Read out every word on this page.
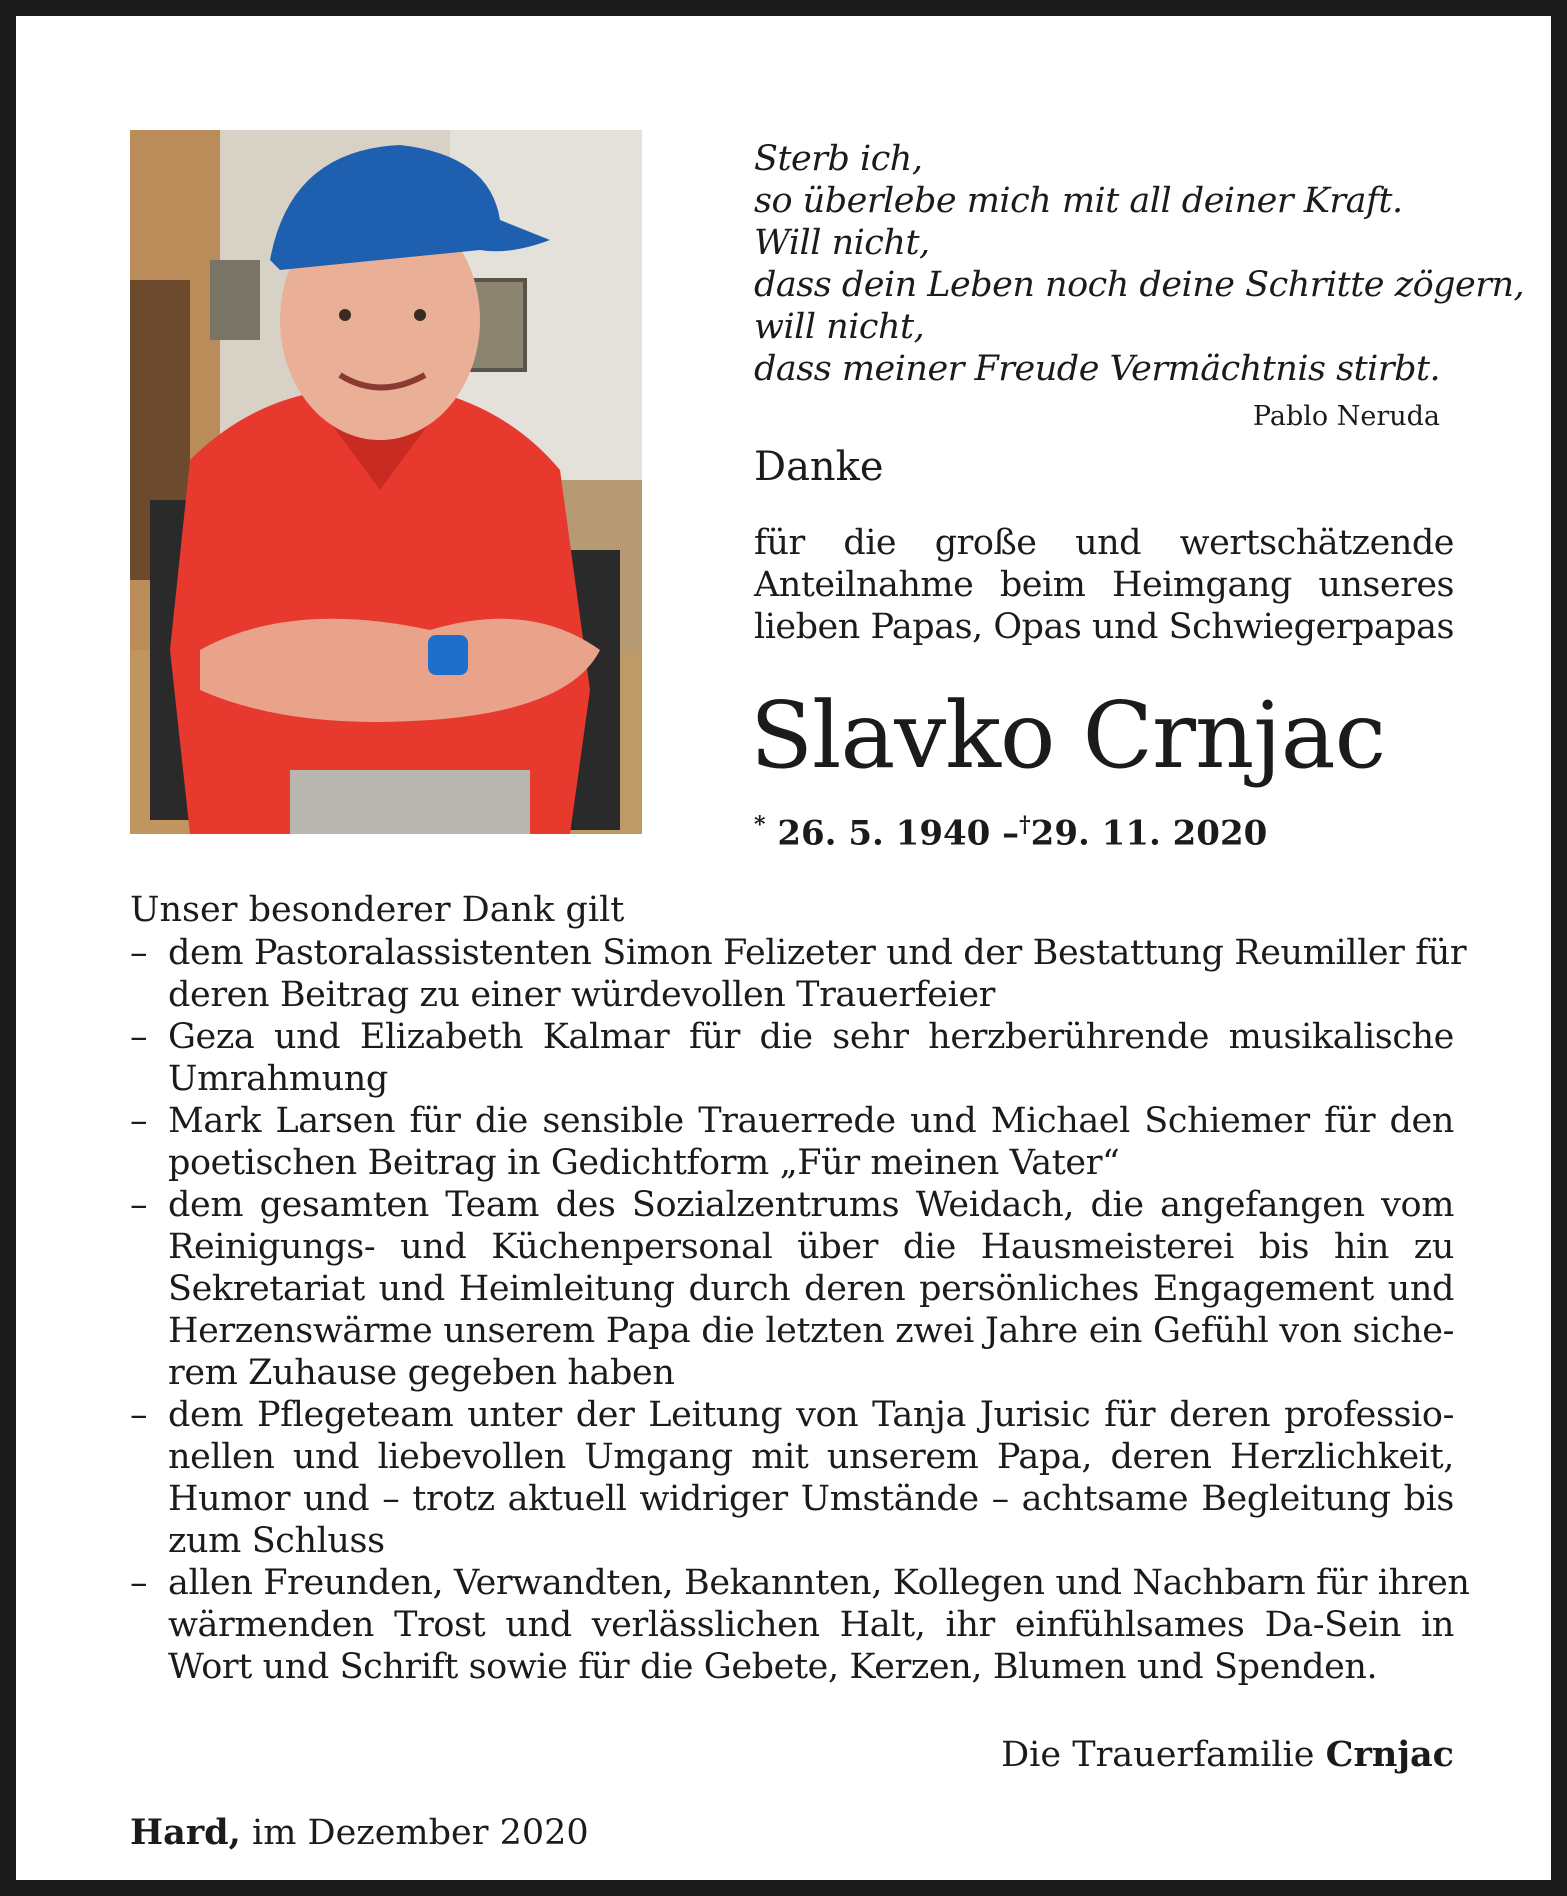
Sterb ich,
so überlebe mich mit all deiner Kraft.
Will nicht,
dass dein Leben noch deine Schritte zögern,
will nicht,
dass meiner Freude Vermächtnis stirbt.
Pablo Neruda
Danke
für die große und wertschätzende
Anteilnahme beim Heimgang unseres
lieben Papas, Opas und Schwiegerpapas
Slavko Crnjac
* 26. 5. 1940 –†29. 11. 2020
Unser besonderer Dank gilt
– dem Pastoralassistenten Simon Felizeter und der Bestattung Reumiller für
deren Beitrag zu einer würdevollen Trauerfeier
– Geza und Elizabeth Kalmar für die sehr herzberührende musikalische
Umrahmung
– Mark Larsen für die sensible Trauerrede und Michael Schiemer für den
poetischen Beitrag in Gedichtform „Für meinen Vater“
– dem gesamten Team des Sozialzentrums Weidach, die angefangen vom
Reinigungs- und Küchenpersonal über die Hausmeisterei bis hin zu
Sekretariat und Heimleitung durch deren persönliches Engagement und
Herzenswärme unserem Papa die letzten zwei Jahre ein Gefühl von siche-
rem Zuhause gegeben haben
– dem Pflegeteam unter der Leitung von Tanja Jurisic für deren professio-
nellen und liebevollen Umgang mit unserem Papa, deren Herzlichkeit,
Humor und – trotz aktuell widriger Umstände – achtsame Begleitung bis
zum Schluss
– allen Freunden, Verwandten, Bekannten, Kollegen und Nachbarn für ihren
wärmenden Trost und verlässlichen Halt, ihr einfühlsames Da-Sein in
Wort und Schrift sowie für die Gebete, Kerzen, Blumen und Spenden.
Die Trauerfamilie Crnjac
Hard, im Dezember 2020
